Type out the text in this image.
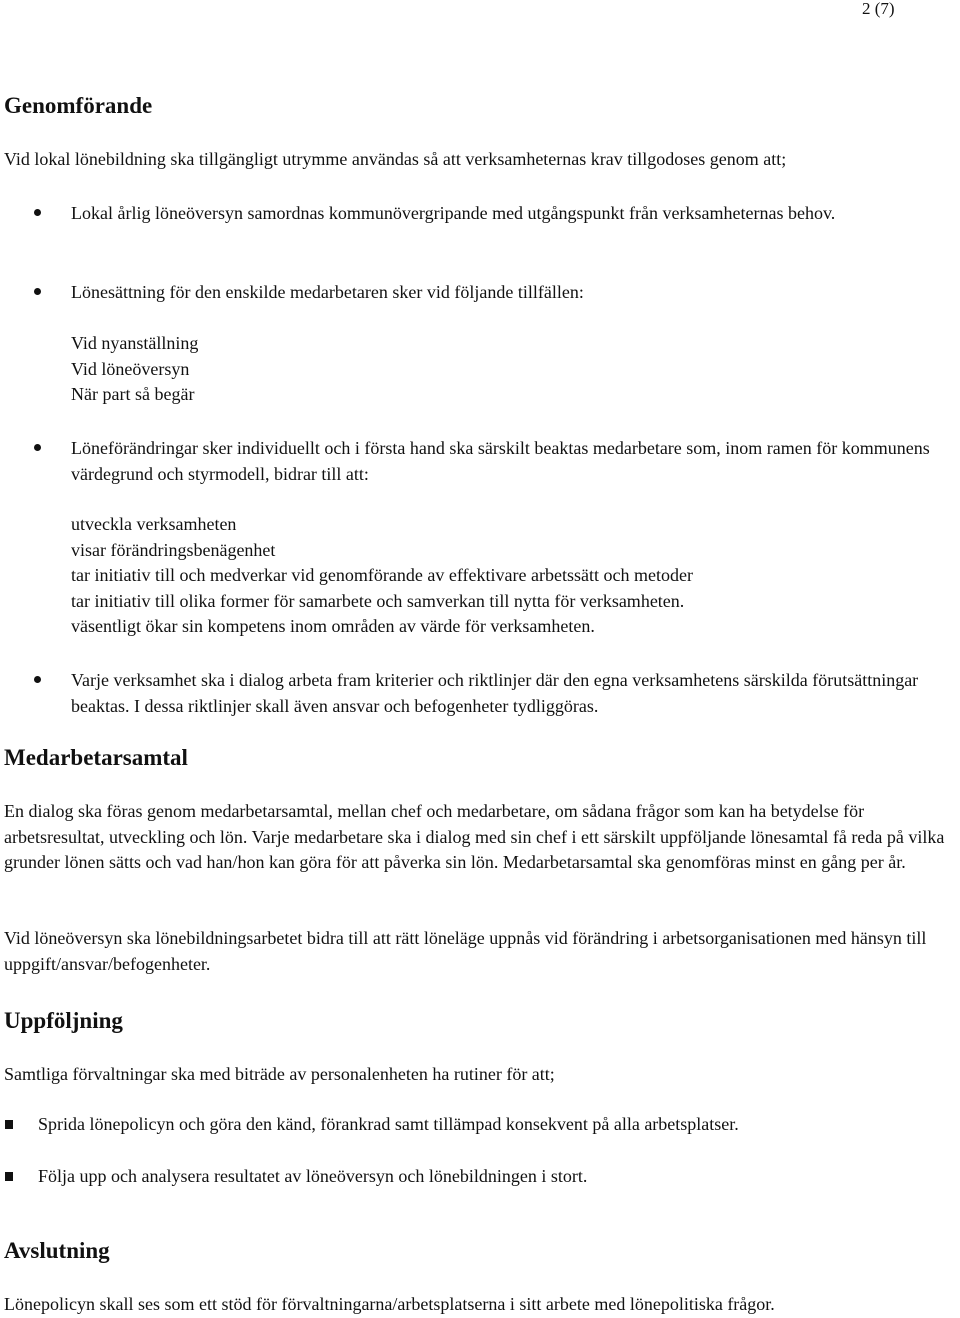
2 (7)
Genomförande

Vid lokal lönebildning ska tillgängligt utrymme användas så att verksamheternas krav tillgodoses genom att;

Lokal årlig löneöversyn samordnas kommunövergripande med utgångspunkt från verksamheternas behov.

Lönesättning för den enskilde medarbetaren sker vid följande tillfällen:

Vid nyanställning
Vid löneöversyn
När part så begär

Löneförändringar sker individuellt och i första hand ska särskilt beaktas medarbetare som, inom ramen för kommunens värdegrund och styrmodell, bidrar till att:

utveckla verksamheten
visar förändringsbenägenhet
tar initiativ till och medverkar vid genomförande av effektivare arbetssätt och metoder
tar initiativ till olika former för samarbete och samverkan till nytta för verksamheten.
väsentligt ökar sin kompetens inom områden av värde för verksamheten.

Varje verksamhet ska i dialog arbeta fram kriterier och riktlinjer där den egna verksamhetens särskilda förutsättningar beaktas. I dessa riktlinjer skall även ansvar och befogenheter tydliggöras.

Medarbetarsamtal

En dialog ska föras genom medarbetarsamtal, mellan chef och medarbetare, om sådana frågor som kan ha betydelse för arbetsresultat, utveckling och lön. Varje medarbetare ska i dialog med sin chef i ett särskilt uppföljande lönesamtal få reda på vilka grunder lönen sätts och vad han/hon kan göra för att påverka sin lön. Medarbetarsamtal ska genomföras minst en gång per år.

Vid löneöversyn ska lönebildningsarbetet bidra till att rätt löneläge uppnås vid förändring i arbetsorganisationen med hänsyn till uppgift/ansvar/befogenheter.

Uppföljning

Samtliga förvaltningar ska med biträde av personalenheten ha rutiner för att;

Sprida lönepolicyn och göra den känd, förankrad samt tillämpad konsekvent på alla arbetsplatser.

Följa upp och analysera resultatet av löneöversyn och lönebildningen i stort.

Avslutning

Lönepolicyn skall ses som ett stöd för förvaltningarna/arbetsplatserna i sitt arbete med lönepolitiska frågor.
